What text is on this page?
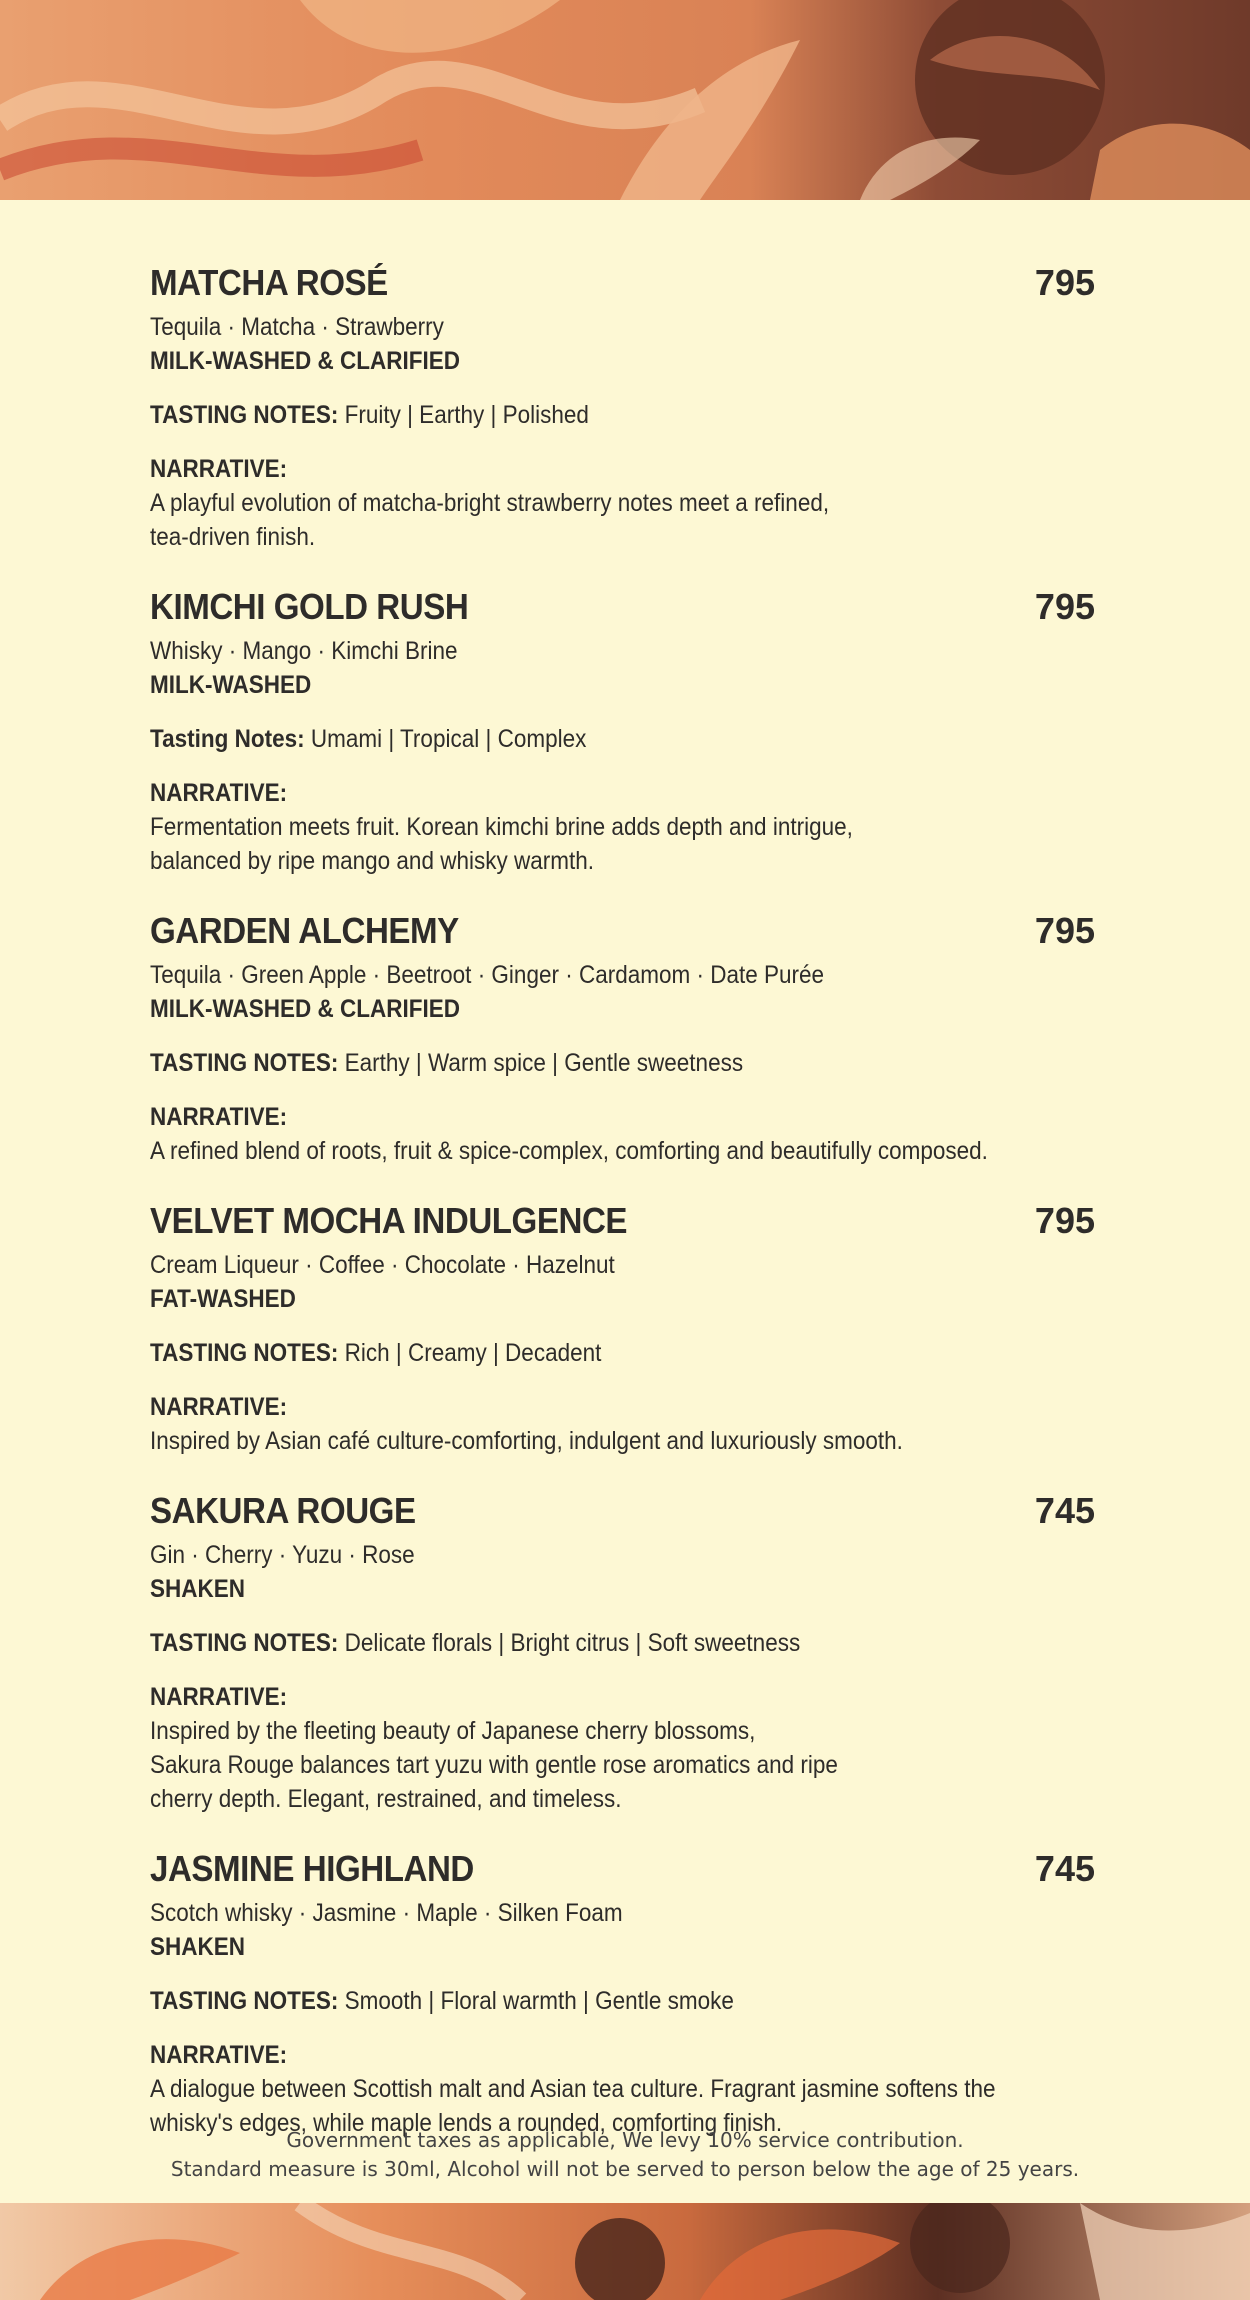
MATCHA ROSÉ	795
Tequila · Matcha · Strawberry
MILK-WASHED & CLARIFIED
TASTING NOTES: Fruity | Earthy | Polished
NARRATIVE:
A playful evolution of matcha-bright strawberry notes meet a refined,
tea-driven finish.
KIMCHI GOLD RUSH	795
Whisky · Mango · Kimchi Brine
MILK-WASHED
Tasting Notes: Umami | Tropical | Complex
NARRATIVE:
Fermentation meets fruit. Korean kimchi brine adds depth and intrigue,
balanced by ripe mango and whisky warmth.
GARDEN ALCHEMY	795
Tequila · Green Apple · Beetroot · Ginger · Cardamom · Date Purée
MILK-WASHED & CLARIFIED
TASTING NOTES: Earthy | Warm spice | Gentle sweetness
NARRATIVE:
A refined blend of roots, fruit & spice-complex, comforting and beautifully composed.
VELVET MOCHA INDULGENCE	795
Cream Liqueur · Coffee · Chocolate · Hazelnut
FAT-WASHED
TASTING NOTES: Rich | Creamy | Decadent
NARRATIVE:
Inspired by Asian café culture-comforting, indulgent and luxuriously smooth.
SAKURA ROUGE	745
Gin · Cherry · Yuzu · Rose
SHAKEN
TASTING NOTES: Delicate florals | Bright citrus | Soft sweetness
NARRATIVE:
Inspired by the fleeting beauty of Japanese cherry blossoms,
Sakura Rouge balances tart yuzu with gentle rose aromatics and ripe
cherry depth. Elegant, restrained, and timeless.
JASMINE HIGHLAND	745
Scotch whisky · Jasmine · Maple · Silken Foam
SHAKEN
TASTING NOTES: Smooth | Floral warmth | Gentle smoke
NARRATIVE:
A dialogue between Scottish malt and Asian tea culture. Fragrant jasmine softens the
whisky's edges, while maple lends a rounded, comforting finish.
Government taxes as applicable, We levy 10% service contribution.
Standard measure is 30ml, Alcohol will not be served to person below the age of 25 years.
